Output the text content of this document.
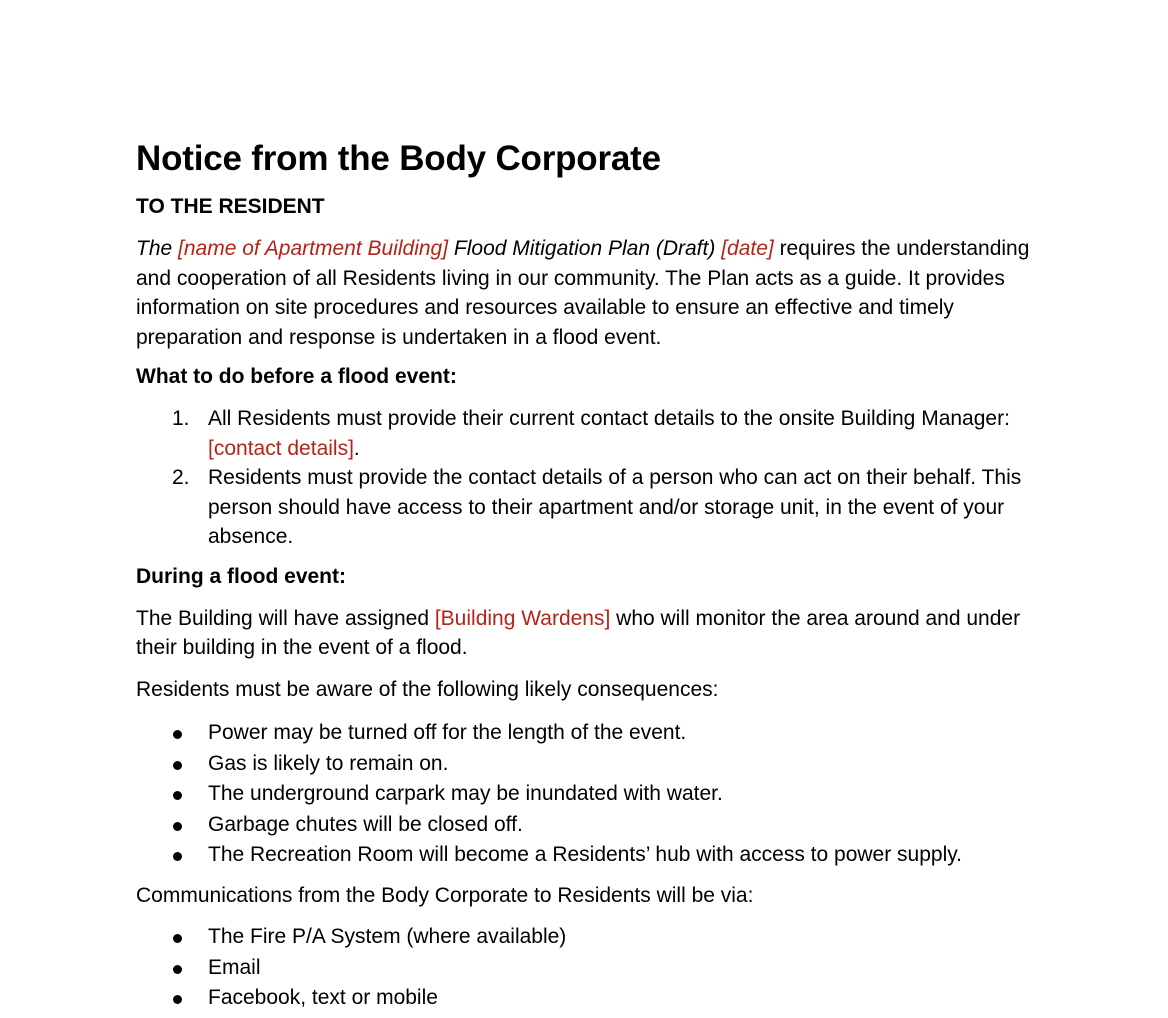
Notice from the Body Corporate
TO THE RESIDENT

The [name of Apartment Building] Flood Mitigation Plan (Draft) [date] requires the understanding and cooperation of all Residents living in our community. The Plan acts as a guide. It provides information on site procedures and resources available to ensure an effective and timely preparation and response is undertaken in a flood event.

What to do before a flood event:
1. All Residents must provide their current contact details to the onsite Building Manager: [contact details].
2. Residents must provide the contact details of a person who can act on their behalf. This person should have access to their apartment and/or storage unit, in the event of your absence.
During a flood event:

The Building will have assigned [Building Wardens] who will monitor the area around and under their building in the event of a flood.

Residents must be aware of the following likely consequences:

Power may be turned off for the length of the event.
Gas is likely to remain on.
The underground carpark may be inundated with water.
Garbage chutes will be closed off.
The Recreation Room will become a Residents’ hub with access to power supply.

Communications from the Body Corporate to Residents will be via:

The Fire P/A System (where available)
Email
Facebook, text or mobile
